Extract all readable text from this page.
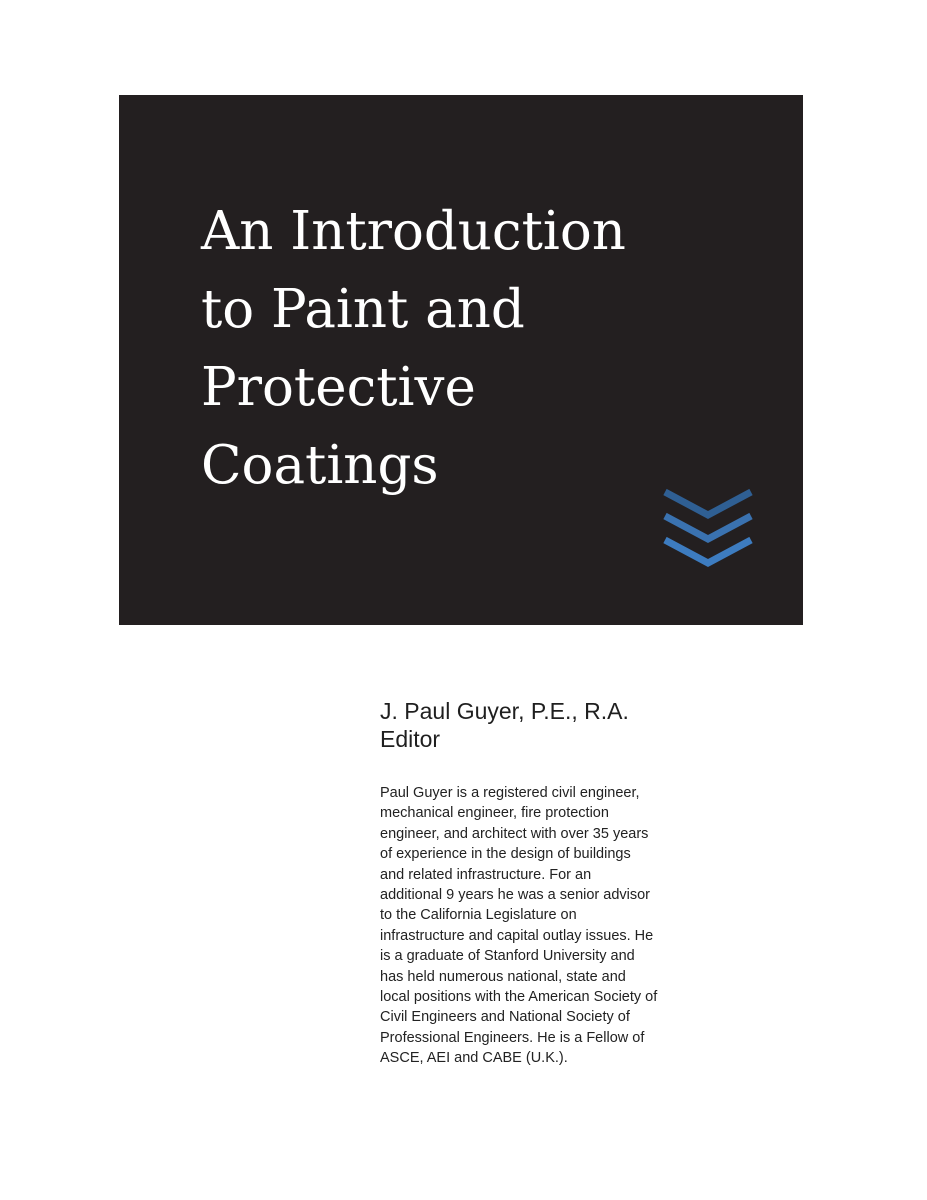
An Introduction
to Paint and
Protective
Coatings

J. Paul Guyer, P.E., R.A.

Editor

Paul Guyer is a registered civil engineer,
mechanical engineer, fire protection
engineer, and architect with over 35 years
of experience in the design of buildings
and related infrastructure. For an
additional 9 years he was a senior advisor
to the California Legislature on
infrastructure and capital outlay issues. He
is a graduate of Stanford University and
has held numerous national, state and
local positions with the American Society of
Civil Engineers and National Society of
Professional Engineers. He is a Fellow of
ASCE, AEI and CABE (U.K.).
